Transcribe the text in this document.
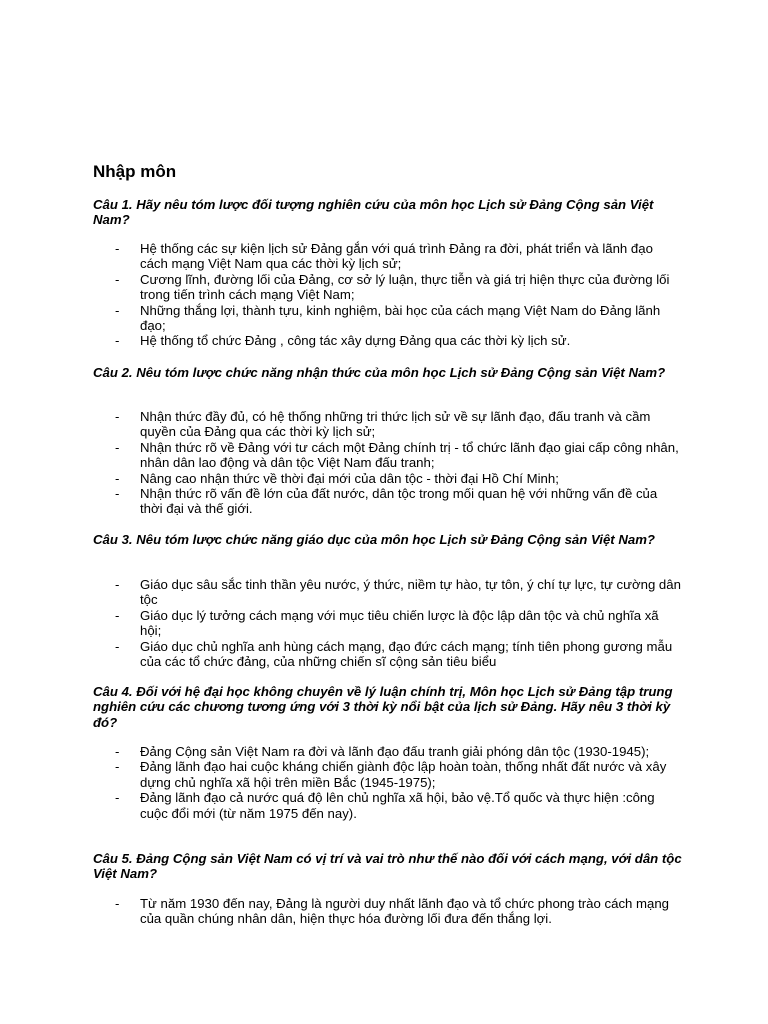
Nhập môn

Câu 1. Hãy nêu tóm lược đối tượng nghiên cứu của môn học Lịch sử Đảng Cộng sản Việt Nam?

- Hệ thống các sự kiện lịch sử Đảng gắn với quá trình Đảng ra đời, phát triển và lãnh đạo cách mạng Việt Nam qua các thời kỳ lịch sử;
- Cương lĩnh, đường lối của Đảng, cơ sở lý luận, thực tiễn và giá trị hiện thực của đường lối trong tiến trình cách mạng Việt Nam;
- Những thắng lợi, thành tựu, kinh nghiệm, bài học của cách mạng Việt Nam do Đảng lãnh đạo;
- Hệ thống tổ chức Đảng , công tác xây dựng Đảng qua các thời kỳ lịch sử.

Câu 2. Nêu tóm lược chức năng nhận thức của môn học Lịch sử Đảng Cộng sản Việt Nam?

- Nhận thức đầy đủ, có hệ thống những tri thức lịch sử về sự lãnh đạo, đấu tranh và cầm quyền của Đảng qua các thời kỳ lịch sử;
- Nhận thức rõ về Đảng với tư cách một Đảng chính trị - tổ chức lãnh đạo giai cấp công nhân, nhân dân lao động và dân tộc Việt Nam đấu tranh;
- Nâng cao nhận thức về thời đại mới của dân tộc - thời đại Hồ Chí Minh;
- Nhận thức rõ vấn đề lớn của đất nước, dân tộc trong mối quan hệ với những vấn đề của thời đại và thế giới.

Câu 3. Nêu tóm lược chức năng giáo dục của môn học Lịch sử Đảng Cộng sản Việt Nam?

- Giáo dục sâu sắc tinh thần yêu nước, ý thức, niềm tự hào, tự tôn, ý chí tự lực, tự cường dân tộc
- Giáo dục lý tưởng cách mạng với mục tiêu chiến lược là độc lập dân tộc và chủ nghĩa xã hội;
- Giáo dục chủ nghĩa anh hùng cách mạng, đạo đức cách mạng; tính tiên phong gương mẫu của các tổ chức đảng, của những chiến sĩ cộng sản tiêu biểu

Câu 4. Đối với hệ đại học không chuyên về lý luận chính trị, Môn học Lịch sử Đảng tập trung nghiên cứu các chương tương ứng với 3 thời kỳ nổi bật của lịch sử Đảng. Hãy nêu 3 thời kỳ đó?

- Đảng Cộng sản Việt Nam ra đời và lãnh đạo đấu tranh giải phóng dân tộc (1930-1945);
- Đảng lãnh đạo hai cuộc kháng chiến giành độc lập hoàn toàn, thống nhất đất nước và xây dựng chủ nghĩa xã hội trên miền Bắc (1945-1975);
- Đảng lãnh đạo cả nước quá độ lên chủ nghĩa xã hội, bảo vệ.Tổ quốc và thực hiện :công cuộc đổi mới (từ năm 1975 đến nay).

Câu 5. Đảng Cộng sản Việt Nam có vị trí và vai trò như thế nào đối với cách mạng, với dân tộc Việt Nam?

- Từ năm 1930 đến nay, Đảng là người duy nhất lãnh đạo và tổ chức phong trào cách mạng của quần chúng nhân dân, hiện thực hóa đường lối đưa đến thắng lợi.
